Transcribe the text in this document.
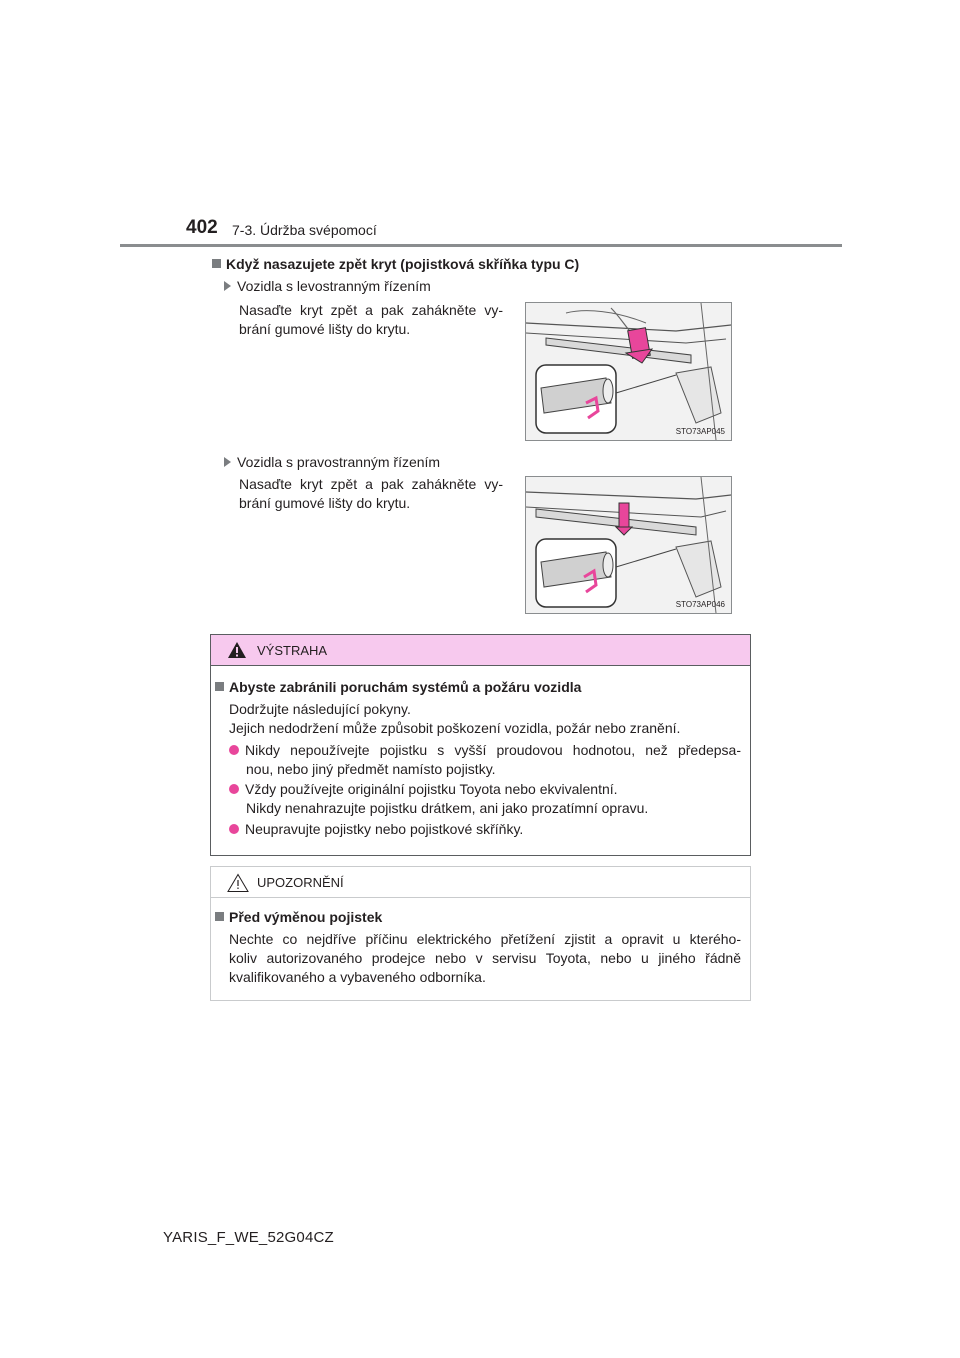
402 7-3. Údržba svépomocí
Když nasazujete zpět kryt (pojistková skříňka typu C)
Vozidla s levostranným řízením
Nasaďte kryt zpět a pak zahákněte vy-
brání gumové lišty do krytu.
STO73AP045
Vozidla s pravostranným řízením
Nasaďte kryt zpět a pak zahákněte vy-
brání gumové lišty do krytu.
STO73AP046
VÝSTRAHA
Abyste zabránili poruchám systémů a požáru vozidla
Dodržujte následující pokyny.
Jejich nedodržení může způsobit poškození vozidla, požár nebo zranění.
Nikdy nepoužívejte pojistku s vyšší proudovou hodnotou, než předepsa-
nou, nebo jiný předmět namísto pojistky.
Vždy používejte originální pojistku Toyota nebo ekvivalentní.
Nikdy nenahrazujte pojistku drátkem, ani jako prozatímní opravu.
Neupravujte pojistky nebo pojistkové skříňky.
UPOZORNĚNÍ
Před výměnou pojistek
Nechte co nejdříve příčinu elektrického přetížení zjistit a opravit u kterého-
koliv autorizovaného prodejce nebo v servisu Toyota, nebo u jiného řádně
kvalifikovaného a vybaveného odborníka.
YARIS_F_WE_52G04CZ
